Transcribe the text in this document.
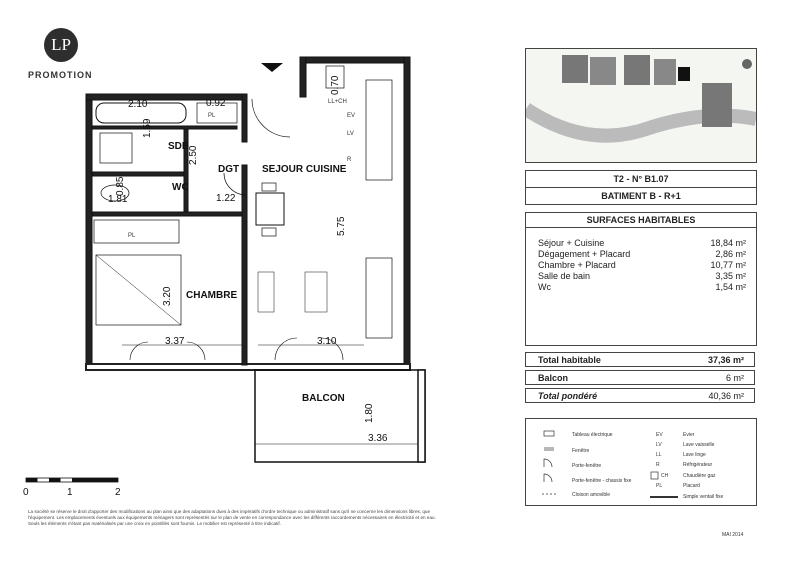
LP
PROMOTION
SEJOUR CUISINE
CHAMBRE
SDB
WC
DGT
BALCON
2.10	0.92
1.59
2.50
0.85
1.81	1.22
0.70
5.75
3.20
3.37	3.10
1.80
3.36
PL
PL
LL+CH
EV
LV
R
0	1	2
T2 - N° B1.07
BATIMENT B - R+1
SURFACES HABITABLES
Séjour + Cuisine	18,84 m²
Dégagement + Placard	2,86 m²
Chambre + Placard	10,77 m²
Salle de bain	3,35 m²
Wc	1,54 m²
Total habitable	37,36 m²
Balcon	6 m²
Total pondéré	40,36 m²
Tableau électrique
Fenêtre
Porte-fenêtre
Porte-fenêtre - chassis fixe
Cloison amovible
EV
LV
LL
R
CH
PL
Evier
Lave vaisselle
Lave linge
Réfrigérateur
Chaudière gaz
Placard
Simple ventail fixe
La société se réserve le droit d'apporter des modifications au plan ainsi que des adaptations dues à des impératifs d'ordre technique ou administratif sans qu'il ne concerne les dimensions libres, que l'équipement. Les emplacements éventuels aux équipements ménagers sont représentés sur le plan de vente en correspondance avec les différents raccordements nécessaires en électricité et en eau. Seuls les éléments n'étant pas matérialisés par une croix en pointillés sont fournis. Le mobilier est représenté à titre indicatif.
MAI 2014
